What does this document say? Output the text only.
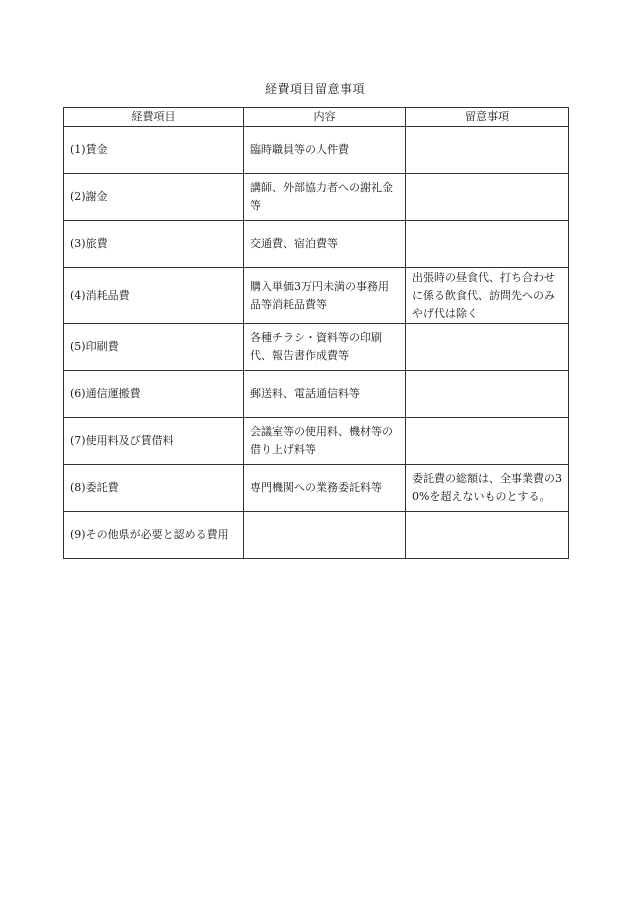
経費項目留意事項
経費項目	内容	留意事項
(1)賃金	臨時職員等の人件費	
(2)謝金	講師、外部協力者への謝礼金等	
(3)旅費	交通費、宿泊費等	
(4)消耗品費	購入単価3万円未満の事務用品等消耗品費等	出張時の昼食代、打ち合わせに係る飲食代、訪問先へのみやげ代は除く
(5)印刷費	各種チラシ・資料等の印刷代、報告書作成費等	
(6)通信運搬費	郵送料、電話通信料等	
(7)使用料及び賃借料	会議室等の使用料、機材等の借り上げ料等	
(8)委託費	専門機関への業務委託料等	委託費の総額は、全事業費の30%を超えないものとする。
(9)その他県が必要と認める費用		
